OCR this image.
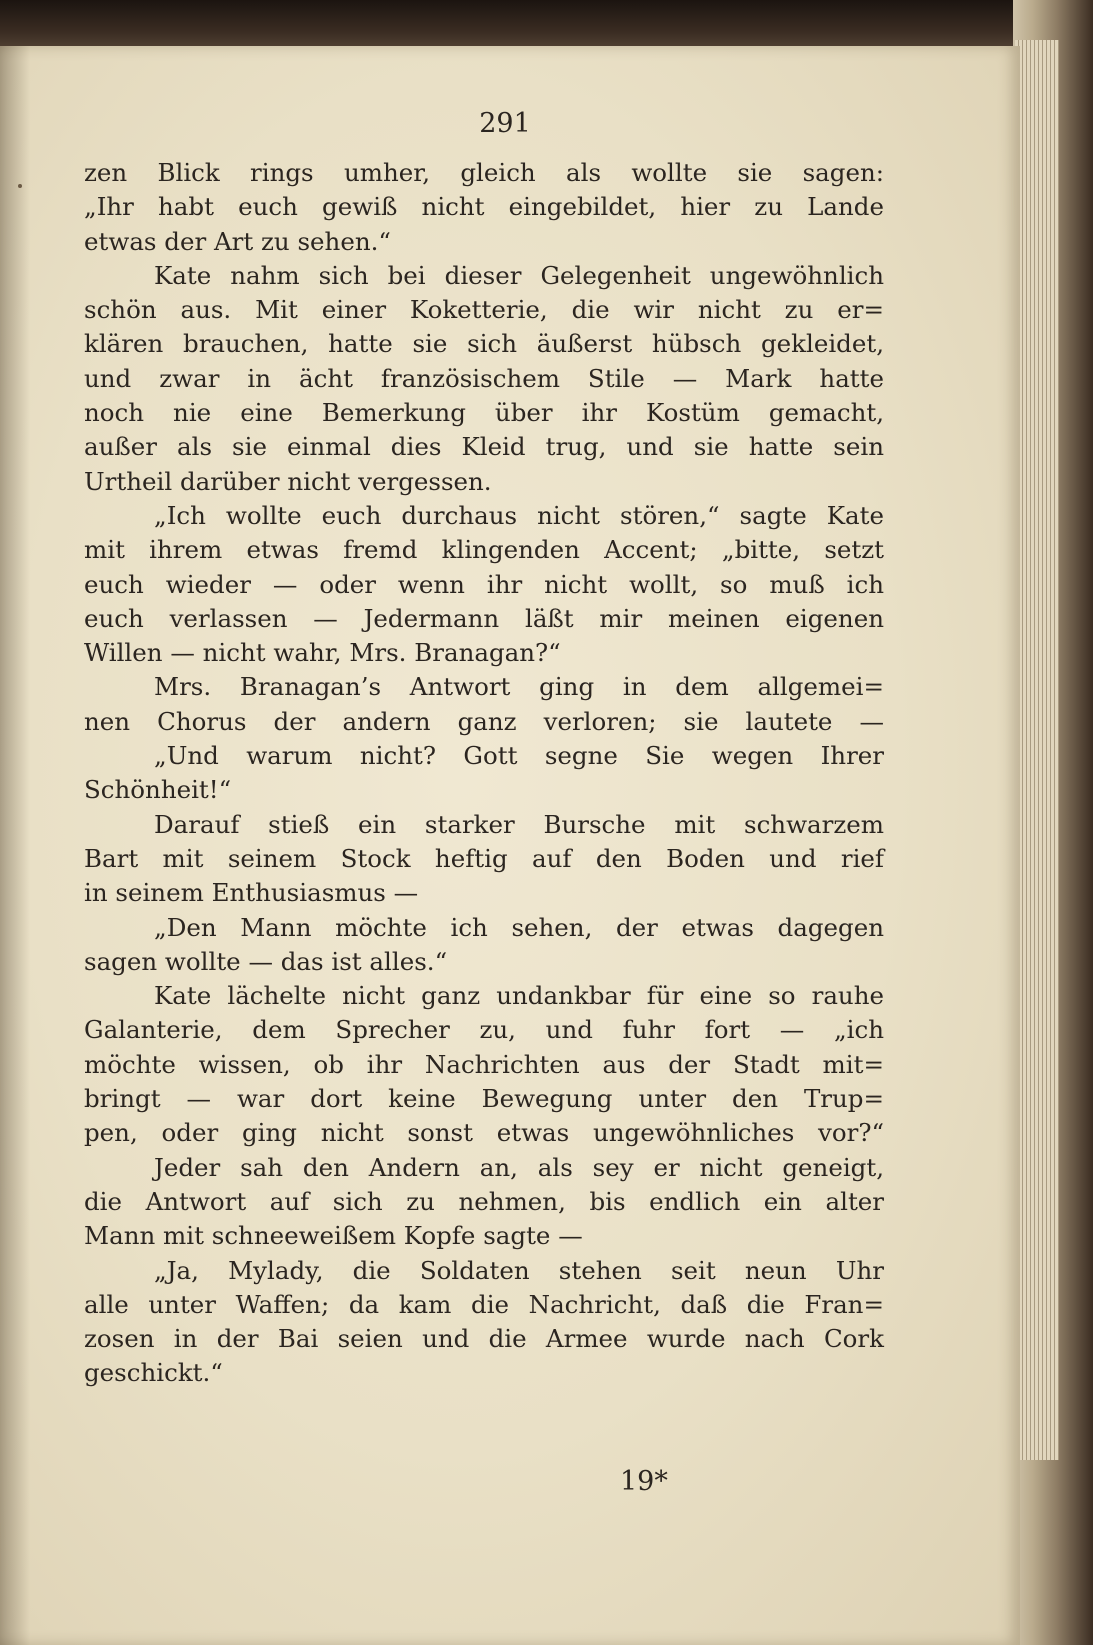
291
zen Blick rings umher, gleich als wollte sie sagen:
„Ihr habt euch gewiß nicht eingebildet, hier zu Lande
etwas der Art zu sehen.“
Kate nahm sich bei dieser Gelegenheit ungewöhnlich
schön aus. Mit einer Koketterie, die wir nicht zu er=
klären brauchen, hatte sie sich äußerst hübsch gekleidet,
und zwar in ächt französischem Stile — Mark hatte
noch nie eine Bemerkung über ihr Kostüm gemacht,
außer als sie einmal dies Kleid trug, und sie hatte sein
Urtheil darüber nicht vergessen.
„Ich wollte euch durchaus nicht stören,“ sagte Kate
mit ihrem etwas fremd klingenden Accent; „bitte, setzt
euch wieder — oder wenn ihr nicht wollt, so muß ich
euch verlassen — Jedermann läßt mir meinen eigenen
Willen — nicht wahr, Mrs. Branagan?“
Mrs. Branagan’s Antwort ging in dem allgemei=
nen Chorus der andern ganz verloren; sie lautete —
„Und warum nicht? Gott segne Sie wegen Ihrer
Schönheit!“
Darauf stieß ein starker Bursche mit schwarzem
Bart mit seinem Stock heftig auf den Boden und rief
in seinem Enthusiasmus —
„Den Mann möchte ich sehen, der etwas dagegen
sagen wollte — das ist alles.“
Kate lächelte nicht ganz undankbar für eine so rauhe
Galanterie, dem Sprecher zu, und fuhr fort — „ich
möchte wissen, ob ihr Nachrichten aus der Stadt mit=
bringt — war dort keine Bewegung unter den Trup=
pen, oder ging nicht sonst etwas ungewöhnliches vor?“
Jeder sah den Andern an, als sey er nicht geneigt,
die Antwort auf sich zu nehmen, bis endlich ein alter
Mann mit schneeweißem Kopfe sagte —
„Ja, Mylady, die Soldaten stehen seit neun Uhr
alle unter Waffen; da kam die Nachricht, daß die Fran=
zosen in der Bai seien und die Armee wurde nach Cork
geschickt.“
19*
